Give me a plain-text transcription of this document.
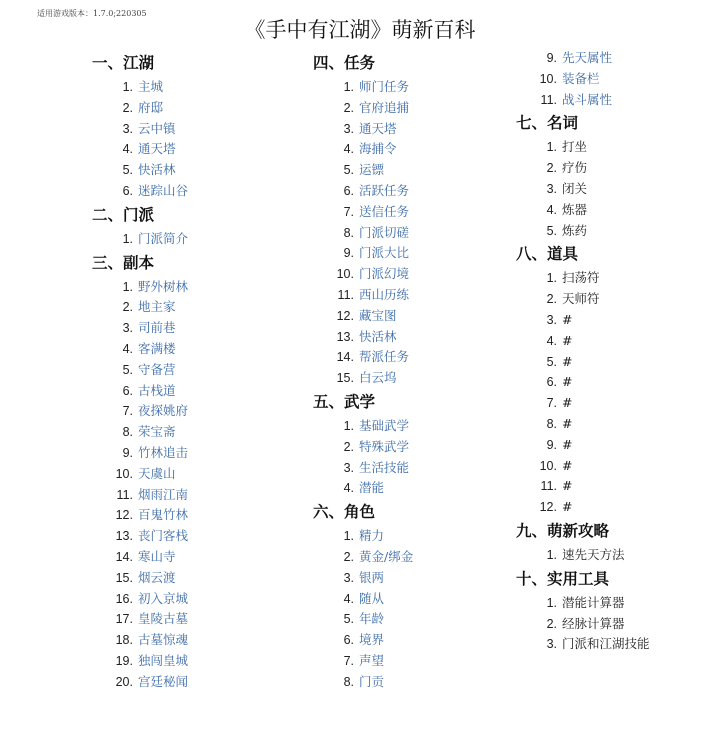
适用游戏版本：1.7.0;220305
《手中有江湖》萌新百科
一、江湖
1. 主城
2. 府邸
3. 云中镇
4. 通天塔
5. 快活林
6. 迷踪山谷
二、门派
1. 门派简介
三、副本
1. 野外树林
2. 地主家
3. 司前巷
4. 客满楼
5. 守备营
6. 古栈道
7. 夜探姚府
8. 荣宝斋
9. 竹林追击
10. 天虞山
11. 烟雨江南
12. 百鬼竹林
13. 丧门客栈
14. 寒山寺
15. 烟云渡
16. 初入京城
17. 皇陵古墓
18. 古墓惊魂
19. 独闯皇城
20. 宫廷秘闻
四、任务
1. 师门任务
2. 官府追捕
3. 通天塔
4. 海捕令
5. 运镖
6. 活跃任务
7. 送信任务
8. 门派切磋
9. 门派大比
10. 门派幻境
11. 西山历练
12. 藏宝图
13. 快活林
14. 帮派任务
15. 白云坞
五、武学
1. 基础武学
2. 特殊武学
3. 生活技能
4. 潜能
六、角色
1. 精力
2. 黄金/绑金
3. 银两
4. 随从
5. 年龄
6. 境界
7. 声望
8. 门贡
9. 先天属性
10. 装备栏
11. 战斗属性
七、名词
1. 打坐
2. 疗伤
3. 闭关
4. 炼器
5. 炼药
八、道具
1. 扫荡符
2. 天师符
3. #
4. #
5. #
6. #
7. #
8. #
9. #
10. #
11. #
12. #
九、萌新攻略
1. 速先天方法
十、实用工具
1. 潜能计算器
2. 经脉计算器
3. 门派和江湖技能
